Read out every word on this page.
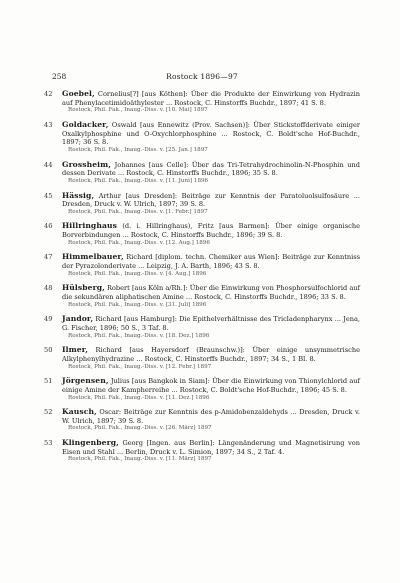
258	Rostock 1896—97
42	Goebel, Cornelius[?] [aus Köthen]: Über die Produkte der Einwirkung von Hydrazin auf Phenylacetimidoäthylester ... Rostock, C. Hinstorffs Buchdr., 1897; 41 S. 8.
Rostock, Phil. Fak., Inaug.-Diss. v. [10. Mai] 1897
43	Goldacker, Oswald [aus Ennewitz (Prov. Sachsen)]: Über Stickstoffderivate einiger Oxalkylphosphine und O-Oxychlorphosphine ... Rostock, C. Boldt'sche Hof-Buchdr., 1897; 36 S. 8.
Rostock, Phil. Fak., Inaug.-Diss. v. [25. Jan.] 1897
44	Grossheim, Johannes [aus Celle]: Über das Tri-Tetrahydrochinolin-N-Phosphin und dessen Derivate ... Rostock, C. Hinstorffs Buchdr., 1896; 35 S. 8.
Rostock, Phil. Fak., Inaug.-Diss. v. [11. Juni] 1896
45	Hässig, Arthur [aus Dresden]: Beiträge zur Kenntnis der Paratoluolsulfosäure ... Dresden, Druck v. W. Ulrich, 1897; 39 S. 8.
Rostock, Phil. Fak., Inaug.-Diss. v. [1. Febr.] 1897
46	Hillringhaus (d. i. Hillringhaus), Fritz [aus Barmen]: Über einige organische Borverbindungen ... Rostock, C. Hinstorffs Buchdr., 1896; 39 S. 8.
Rostock, Phil. Fak., Inaug.-Diss. v. [12. Aug.] 1896
47	Himmelbauer, Richard [diplom. techn. Chemiker aus Wien]: Beiträge zur Kenntniss der Pyrazolonderivate ... Leipzig, J. A. Barth, 1896; 43 S. 8.
Rostock, Phil. Fak., Inaug.-Diss. v. [4. Aug.] 1896
48	Hülsberg, Robert [aus Köln a/Rh.]: Über die Einwirkung von Phosphorsulfochlorid auf die sekundären aliphatischen Amine ... Rostock, C. Hinstorffs Buchdr., 1896; 33 S. 8.
Rostock, Phil. Fak., Inaug.-Diss. v. [31. Juli] 1896
49	Jandor, Richard [aus Hamburg]: Die Epithelverhältnisse des Tricladenpharynx ... Jena, G. Fischer, 1896; 50 S., 3 Taf. 8.
Rostock, Phil. Fak., Inaug.-Diss. v. [18. Dez.] 1896
50	Ilmer, Richard [aus Hayersdorf (Braunschw.)]: Über einige unsymmetrische Alkylphenylhydrazine ... Rostock, C. Hinstorffs Buchdr., 1897; 34 S., 1 Bl. 8.
Rostock, Phil. Fak., Inaug.-Diss. v. [12. Febr.] 1897
51	Jörgensen, Julius [aus Bangkok in Siam]: Über die Einwirkung von Thionylchlorid auf einige Amine der Kampherreihe ... Rostock, C. Boldt'sche Hof-Buchdr., 1896; 45 S. 8.
Rostock, Phil. Fak., Inaug.-Diss. v. [11. Dez.] 1896
52	Kausch, Oscar: Beiträge zur Kenntnis des p-Amidobenzaldehyds ... Dresden, Druck v. W. Ulrich, 1897; 39 S. 8.
Rostock, Phil. Fak., Inaug.-Diss. v. [26. März] 1897
53	Klingenberg, Georg [Ingen. aus Berlin]: Längenänderung und Magnetisirung von Eisen und Stahl ... Berlin, Druck v. L. Simion, 1897; 34 S., 2 Taf. 4.
Rostock, Phil. Fak., Inaug.-Diss. v. [11. März] 1897
